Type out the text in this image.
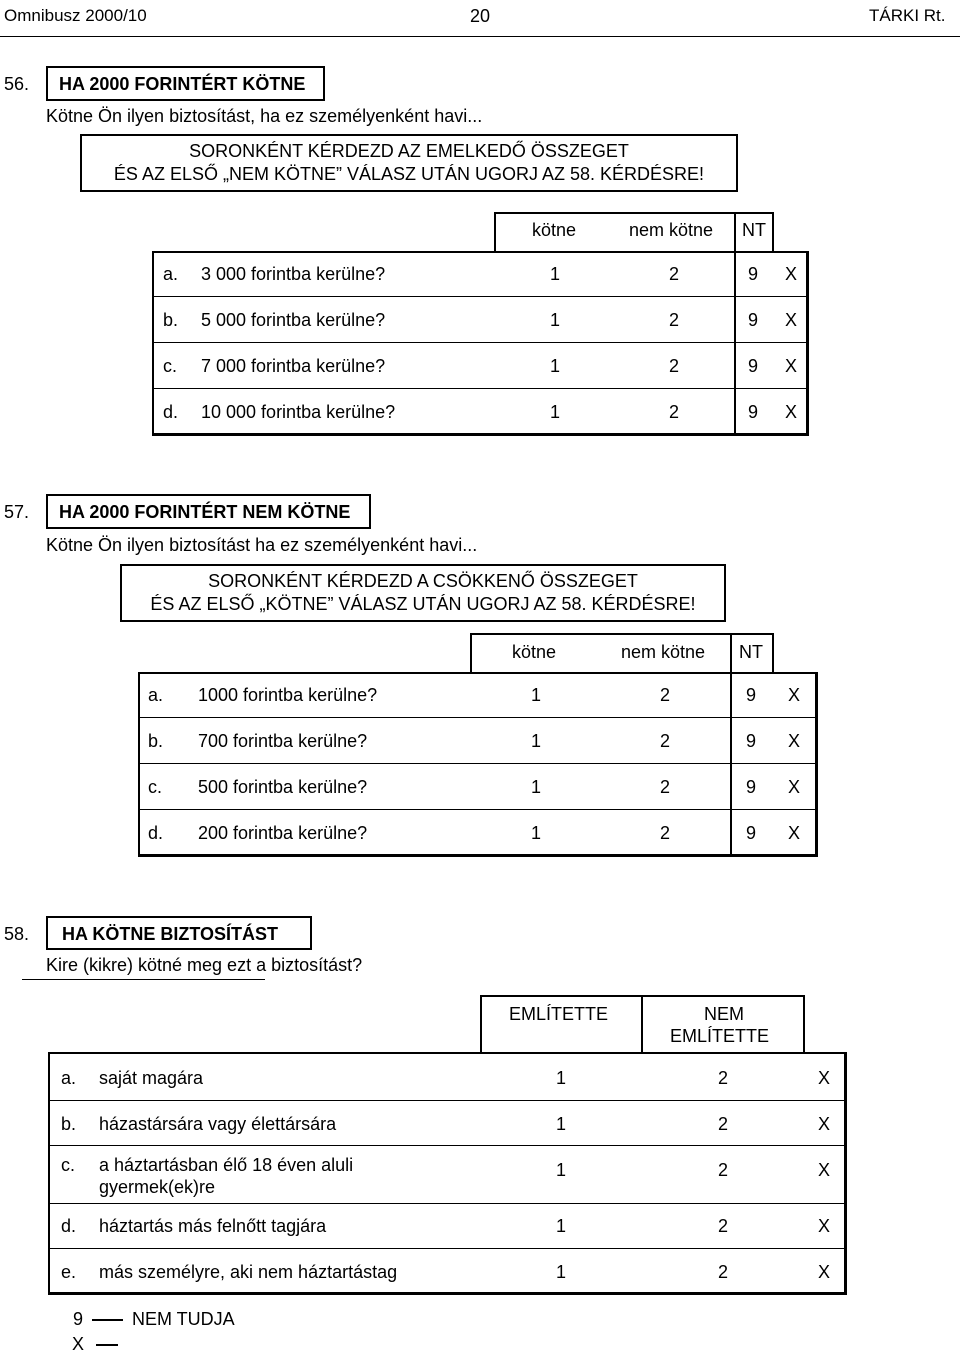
Omnibusz 2000/10	20	TÁRKI Rt.
56. HA 2000 FORINTÉRT KÖTNE
Kötne Ön ilyen biztosítást, ha ez személyenként havi...
SORONKÉNT KÉRDEZD AZ EMELKEDŐ ÖSSZEGET
ÉS AZ ELSŐ „NEM KÖTNE” VÁLASZ UTÁN UGORJ AZ 58. KÉRDÉSRE!
kötne	nem kötne NT
a. 3 000 forintba kerülne?	1	2	9 X
b. 5 000 forintba kerülne?	1	2	9 X
c. 7 000 forintba kerülne?	1	2	9 X
d. 10 000 forintba kerülne?	1	2	9 X
57. HA 2000 FORINTÉRT NEM KÖTNE
Kötne Ön ilyen biztosítást ha ez személyenként havi...
SORONKÉNT KÉRDEZD A CSÖKKENŐ ÖSSZEGET
ÉS AZ ELSŐ „KÖTNE” VÁLASZ UTÁN UGORJ AZ 58. KÉRDÉSRE!
kötne	nem kötne NT
a. 1000 forintba kerülne?	1	2	9 X
b. 700 forintba kerülne?	1	2	9 X
c. 500 forintba kerülne?	1	2	9 X
d. 200 forintba kerülne?	1	2	9 X
58. HA KÖTNE BIZTOSÍTÁST
Kire (kikre) kötné meg ezt a biztosítást?
EMLÍTETTE	NEM
EMLÍTETTE
a. saját magára	1	2	X
b. házastársára vagy élettársára	1	2	X
c. a háztartásban élő 18 éven aluli
gyermek(ek)re
1	2	X
d. háztartás más felnőtt tagjára	1	2	X
e. más személyre, aki nem háztartástag	1	2	X
9	NEM TUDJA
X
